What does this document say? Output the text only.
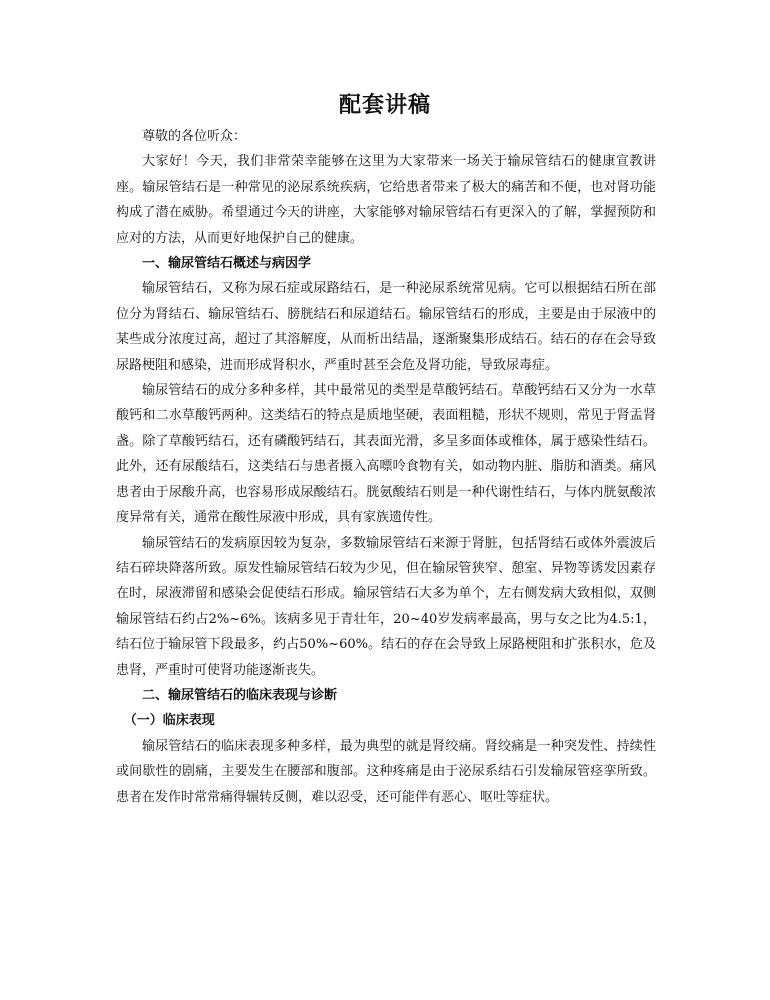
配套讲稿

尊敬的各位听众：

大家好！今天，我们非常荣幸能够在这里为大家带来一场关于输尿管结石的健康宣教讲座。输尿管结石是一种常见的泌尿系统疾病，它给患者带来了极大的痛苦和不便，也对肾功能构成了潜在威胁。希望通过今天的讲座，大家能够对输尿管结石有更深入的了解，掌握预防和应对的方法，从而更好地保护自己的健康。

一、输尿管结石概述与病因学

输尿管结石，又称为尿石症或尿路结石，是一种泌尿系统常见病。它可以根据结石所在部位分为肾结石、输尿管结石、膀胱结石和尿道结石。输尿管结石的形成，主要是由于尿液中的某些成分浓度过高，超过了其溶解度，从而析出结晶，逐渐聚集形成结石。结石的存在会导致尿路梗阻和感染，进而形成肾积水，严重时甚至会危及肾功能，导致尿毒症。

输尿管结石的成分多种多样，其中最常见的类型是草酸钙结石。草酸钙结石又分为一水草酸钙和二水草酸钙两种。这类结石的特点是质地坚硬，表面粗糙，形状不规则，常见于肾盂肾盏。除了草酸钙结石，还有磷酸钙结石，其表面光滑，多呈多面体或椎体，属于感染性结石。此外，还有尿酸结石，这类结石与患者摄入高嘌呤食物有关，如动物内脏、脂肪和酒类。痛风患者由于尿酸升高，也容易形成尿酸结石。胱氨酸结石则是一种代谢性结石，与体内胱氨酸浓度异常有关，通常在酸性尿液中形成，具有家族遗传性。

输尿管结石的发病原因较为复杂，多数输尿管结石来源于肾脏，包括肾结石或体外震波后结石碎块降落所致。原发性输尿管结石较为少见，但在输尿管狭窄、憩室、异物等诱发因素存在时，尿液滞留和感染会促使结石形成。输尿管结石大多为单个，左右侧发病大致相似，双侧输尿管结石约占2%~6%。该病多见于青壮年，20~40岁发病率最高，男与女之比为4.5:1，结石位于输尿管下段最多，约占50%~60%。结石的存在会导致上尿路梗阻和扩张积水，危及患肾，严重时可使肾功能逐渐丧失。

二、输尿管结石的临床表现与诊断

（一）临床表现

输尿管结石的临床表现多种多样，最为典型的就是肾绞痛。肾绞痛是一种突发性、持续性或间歇性的剧痛，主要发生在腰部和腹部。这种疼痛是由于泌尿系结石引发输尿管痉挛所致。患者在发作时常常痛得辗转反侧，难以忍受，还可能伴有恶心、呕吐等症状。
